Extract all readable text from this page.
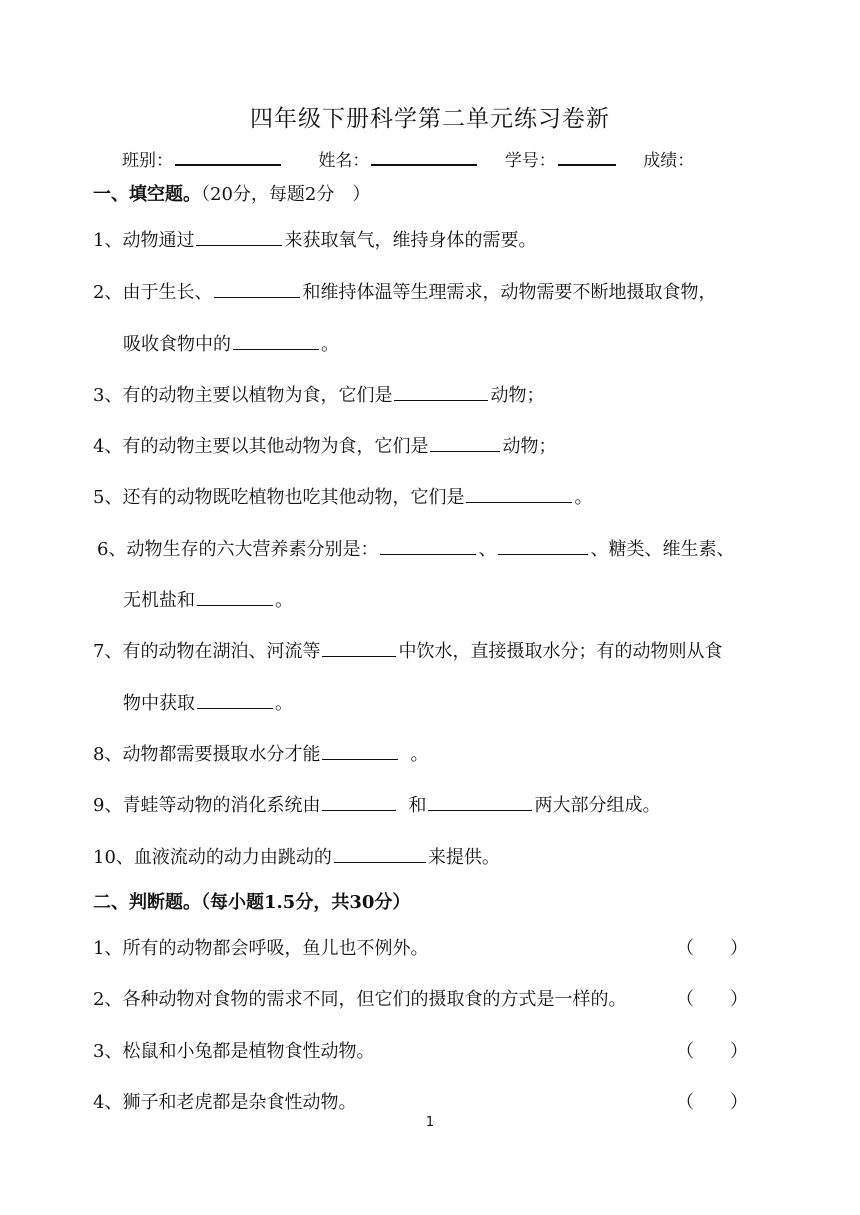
四年级下册科学第二单元练习卷新
班别：	姓名：	学号：	成绩：
一、填空题。（20分，每题2分　）
1、动物通过	来获取氧气，维持身体的需要。
2、由于生长、	和维持体温等生理需求，动物需要不断地摄取食物，
吸收食物中的	。
3、有的动物主要以植物为食，它们是	动物；
4、有的动物主要以其他动物为食，它们是	动物；
5、还有的动物既吃植物也吃其他动物，它们是	。
6、动物生存的六大营养素分别是：	、	、糖类、维生素、
无机盐和	。
7、有的动物在湖泊、河流等	中饮水，直接摄取水分；有的动物则从食
物中获取	。
8、动物都需要摄取水分才能	。
9、青蛙等动物的消化系统由	和	两大部分组成。
10、血液流动的动力由跳动的	来提供。
二、判断题。（每小题1.5分，共30分）
1、所有的动物都会呼吸，鱼儿也不例外。	（　　）
2、各种动物对食物的需求不同，但它们的摄取食的方式是一样的。	（　　）
3、松鼠和小兔都是植物食性动物。	（　　）
4、狮子和老虎都是杂食性动物。	（　　）
1
